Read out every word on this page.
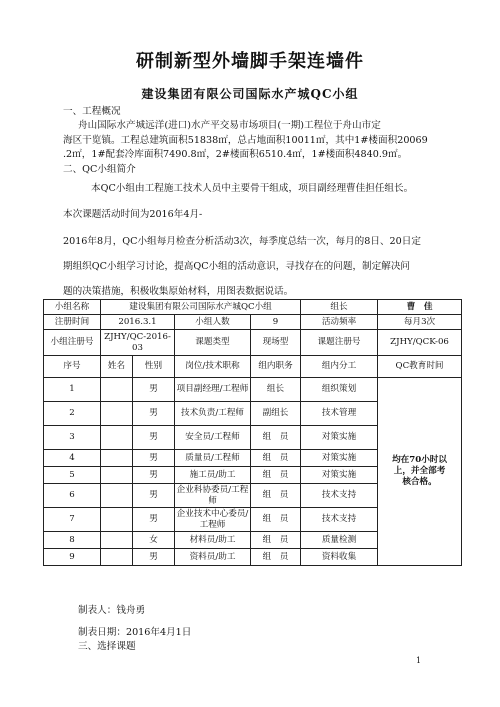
研制新型外墙脚手架连墙件
建设集团有限公司国际水产城QC小组
一、工程概况
舟山国际水产城远洋(进口)水产平交易市场项目(一期)工程位于舟山市定
海区干览镇。工程总建筑面积51838㎡，总占地面积10011㎡，其中1#楼面积20069
.2㎡，1#配套冷库面积7490.8㎡，2#楼面积6510.4㎡，1#楼面积4840.9㎡。
二、QC小组简介
本QC小组由工程施工技术人员中主要骨干组成，项目副经理曹佳担任组长。
本次课题活动时间为2016年4月-
2016年8月，QC小组每月检查分析活动3次，每季度总结一次，每月的8日、20日定
期组织QC小组学习讨论，提高QC小组的活动意识，寻找存在的问题，制定解决问
题的决策措施，积极收集原始材料，用图表数据说话。
小组名称	建设集团有限公司国际水产城QC小组				组长	曹　佳
注册时间	2016.3.1		小组人数	9	活动频率	每月3次
小组注册号	ZJHY/QC-2016-03		课题类型	现场型	课题注册号	ZJHY/QCK-06
序号	姓名	性别	岗位/技术职称	组内职务	组内分工	QC教育时间
1		男	项目副经理/工程师	组长	组织策划	均在70小时以上，并全部考核合格。
2		男	技术负责/工程师	副组长	技术管理	
3		男	安全员/工程师	组　员	对策实施	
4		男	质量员/工程师	组　员	对策实施	
5		男	施工员/助工	组　员	对策实施	
6		男	企业科协委员/工程师	组　员	技术支持	
7		男	企业技术中心委员/工程师	组　员	技术支持	
8		女	材料员/助工	组　员	质量检测	
9		男	资料员/助工	组　员	资料收集	
制表人：钱舟勇
制表日期：2016年4月1日
三、选择课题
1
